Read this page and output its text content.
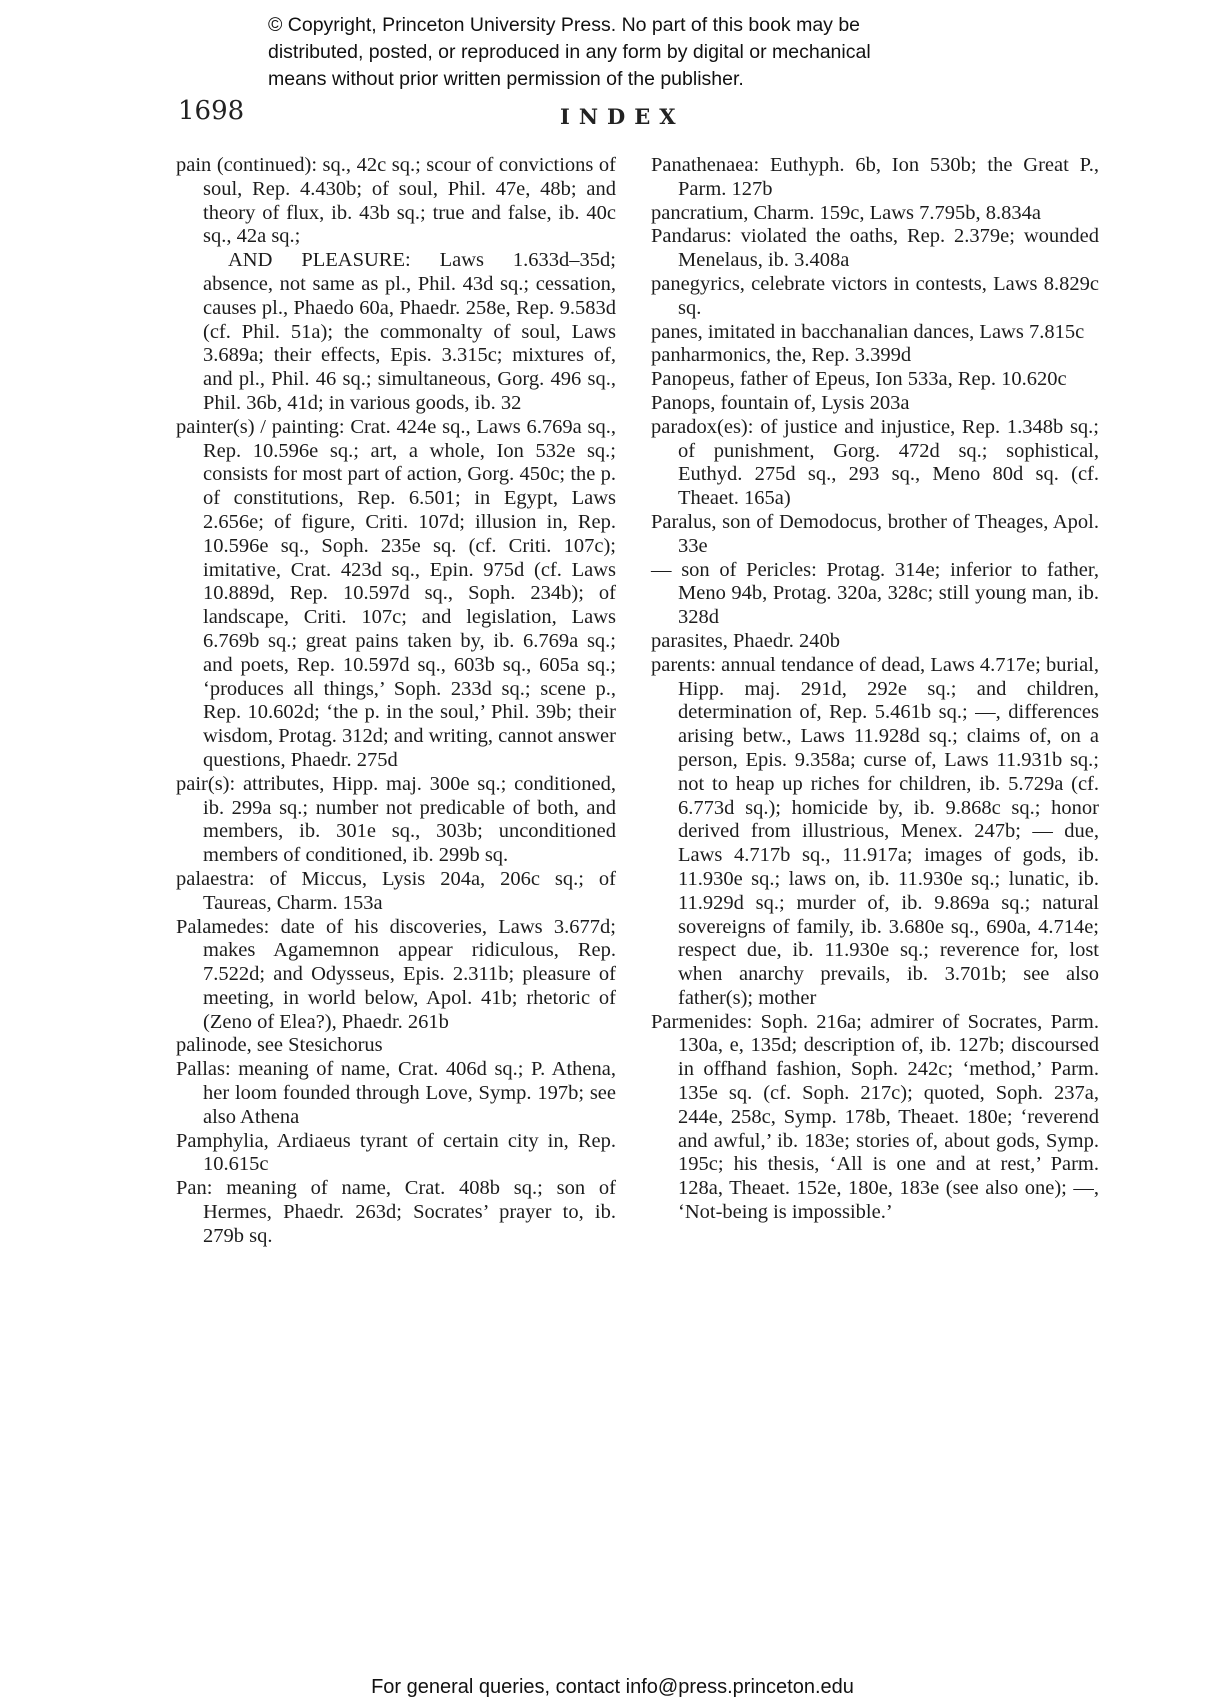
© Copyright, Princeton University Press. No part of this book may be
distributed, posted, or reproduced in any form by digital or mechanical
means without prior written permission of the publisher.
1698	INDEX

pain (continued): sq., 42c sq.; scour of convictions of soul, Rep. 4.430b; of soul, Phil. 47e, 48b; and theory of flux, ib. 43b sq.; true and false, ib. 40c sq., 42a sq.;

AND PLEASURE: Laws 1.633d–35d; absence, not same as pl., Phil. 43d sq.; cessation, causes pl., Phaedo 60a, Phaedr. 258e, Rep. 9.583d (cf. Phil. 51a); the commonalty of soul, Laws 3.689a; their effects, Epis. 3.315c; mixtures of, and pl., Phil. 46 sq.; simultaneous, Gorg. 496 sq., Phil. 36b, 41d; in various goods, ib. 32

painter(s) / painting: Crat. 424e sq., Laws 6.769a sq., Rep. 10.596e sq.; art, a whole, Ion 532e sq.; consists for most part of action, Gorg. 450c; the p. of constitutions, Rep. 6.501; in Egypt, Laws 2.656e; of figure, Criti. 107d; illusion in, Rep. 10.596e sq., Soph. 235e sq. (cf. Criti. 107c); imitative, Crat. 423d sq., Epin. 975d (cf. Laws 10.889d, Rep. 10.597d sq., Soph. 234b); of landscape, Criti. 107c; and legislation, Laws 6.769b sq.; great pains taken by, ib. 6.769a sq.; and poets, Rep. 10.597d sq., 603b sq., 605a sq.; ‘produces all things,’ Soph. 233d sq.; scene p., Rep. 10.602d; ‘the p. in the soul,’ Phil. 39b; their wisdom, Protag. 312d; and writing, cannot answer questions, Phaedr. 275d

pair(s): attributes, Hipp. maj. 300e sq.; conditioned, ib. 299a sq.; number not predicable of both, and members, ib. 301e sq., 303b; unconditioned members of conditioned, ib. 299b sq.

palaestra: of Miccus, Lysis 204a, 206c sq.; of Taureas, Charm. 153a

Palamedes: date of his discoveries, Laws 3.677d; makes Agamemnon appear ridiculous, Rep. 7.522d; and Odysseus, Epis. 2.311b; pleasure of meeting, in world below, Apol. 41b; rhetoric of (Zeno of Elea?), Phaedr. 261b

palinode, see Stesichorus

Pallas: meaning of name, Crat. 406d sq.; P. Athena, her loom founded through Love, Symp. 197b; see also Athena

Pamphylia, Ardiaeus tyrant of certain city in, Rep. 10.615c

Pan: meaning of name, Crat. 408b sq.; son of Hermes, Phaedr. 263d; Socrates’ prayer to, ib. 279b sq.

Panathenaea: Euthyph. 6b, Ion 530b; the Great P., Parm. 127b

pancratium, Charm. 159c, Laws 7.795b, 8.834a

Pandarus: violated the oaths, Rep. 2.379e; wounded Menelaus, ib. 3.408a

panegyrics, celebrate victors in contests, Laws 8.829c sq.

panes, imitated in bacchanalian dances, Laws 7.815c

panharmonics, the, Rep. 3.399d

Panopeus, father of Epeus, Ion 533a, Rep. 10.620c

Panops, fountain of, Lysis 203a

paradox(es): of justice and injustice, Rep. 1.348b sq.; of punishment, Gorg. 472d sq.; sophistical, Euthyd. 275d sq., 293 sq., Meno 80d sq. (cf. Theaet. 165a)

Paralus, son of Demodocus, brother of Theages, Apol. 33e

— son of Pericles: Protag. 314e; inferior to father, Meno 94b, Protag. 320a, 328c; still young man, ib. 328d

parasites, Phaedr. 240b

parents: annual tendance of dead, Laws 4.717e; burial, Hipp. maj. 291d, 292e sq.; and children, determination of, Rep. 5.461b sq.; —, differences arising betw., Laws 11.928d sq.; claims of, on a person, Epis. 9.358a; curse of, Laws 11.931b sq.; not to heap up riches for children, ib. 5.729a (cf. 6.773d sq.); homicide by, ib. 9.868c sq.; honor derived from illustrious, Menex. 247b; — due, Laws 4.717b sq., 11.917a; images of gods, ib. 11.930e sq.; laws on, ib. 11.930e sq.; lunatic, ib. 11.929d sq.; murder of, ib. 9.869a sq.; natural sovereigns of family, ib. 3.680e sq., 690a, 4.714e; respect due, ib. 11.930e sq.; reverence for, lost when anarchy prevails, ib. 3.701b; see also father(s); mother

Parmenides: Soph. 216a; admirer of Socrates, Parm. 130a, e, 135d; description of, ib. 127b; discoursed in offhand fashion, Soph. 242c; ‘method,’ Parm. 135e sq. (cf. Soph. 217c); quoted, Soph. 237a, 244e, 258c, Symp. 178b, Theaet. 180e; ‘reverend and awful,’ ib. 183e; stories of, about gods, Symp. 195c; his thesis, ‘All is one and at rest,’ Parm. 128a, Theaet. 152e, 180e, 183e (see also one); —, ‘Not-being is impossible.’

For general queries, contact info@press.princeton.edu
